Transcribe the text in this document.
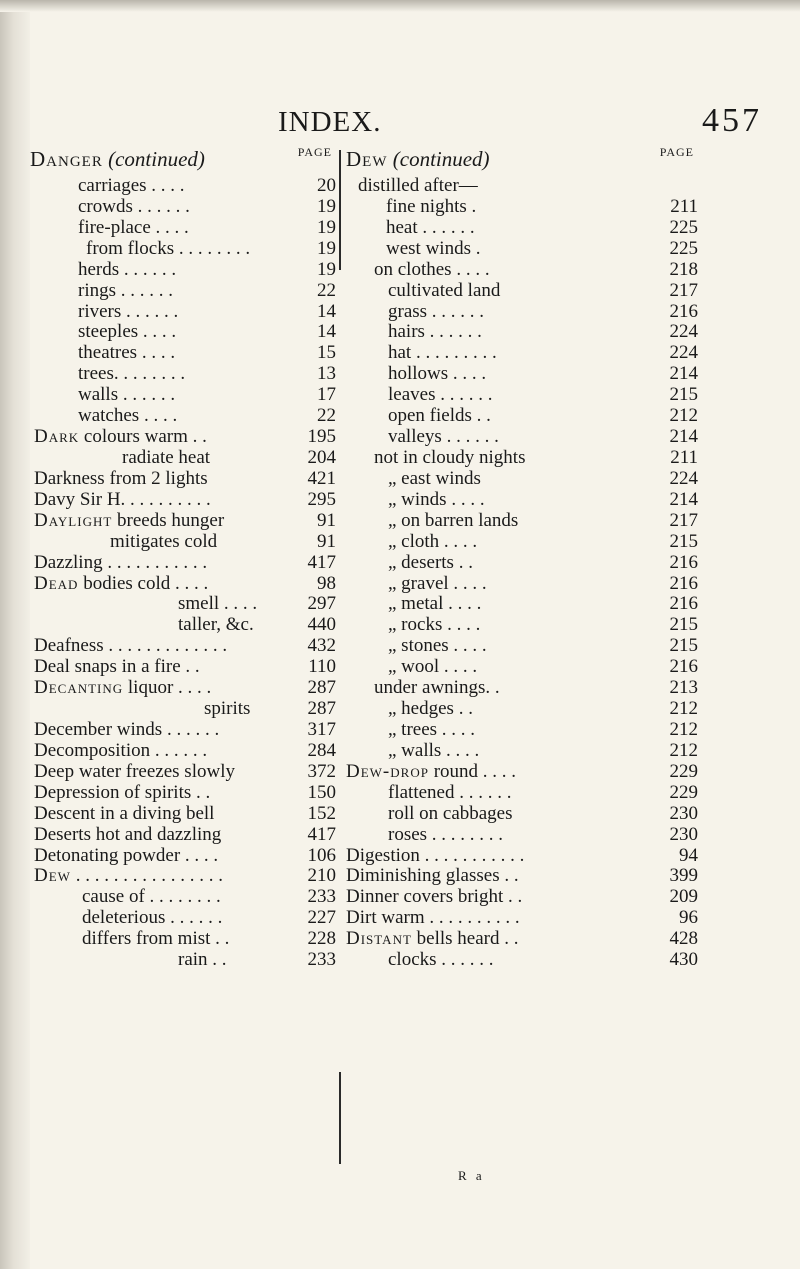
INDEX.	457
Danger (continued)	PAGE
carriages . . . .	20
crowds . . . . . .	19
fire-place . . . .	19
from flocks . . . . . . . .	19
herds . . . . . .	19
rings . . . . . .	22
rivers . . . . . .	14
steeples . . . .	14
theatres . . . .	15
trees. . . . . . . .	13
walls . . . . . .	17
watches . . . .	22
Dark colours warm . .	195
radiate heat	204
Darkness from 2 lights	421
Davy Sir H. . . . . . . . . .	295
Daylight breeds hunger	91
mitigates cold	91
Dazzling . . . . . . . . . . .	417
Dead bodies cold . . . .	98
smell . . . .	297
taller, &c.	440
Deafness . . . . . . . . . . . . .	432
Deal snaps in a fire . .	110
Decanting liquor . . . .	287
spirits	287
December winds . . . . . .	317
Decomposition . . . . . .	284
Deep water freezes slowly	372
Depression of spirits . .	150
Descent in a diving bell	152
Deserts hot and dazzling	417
Detonating powder . . . .	106
Dew . . . . . . . . . . . . . . . .	210
cause of . . . . . . . .	233
deleterious . . . . . .	227
differs from mist . .	228
rain . .	233
Dew (continued)	PAGE
distilled after—
fine nights .	211
heat . . . . . .	225
west winds .	225
on clothes . . . .	218
cultivated land	217
grass . . . . . .	216
hairs . . . . . .	224
hat . . . . . . . . .	224
hollows . . . .	214
leaves . . . . . .	215
open fields . .	212
valleys . . . . . .	214
not in cloudy nights	211
„ east winds	224
„ winds . . . .	214
„ on barren lands	217
„ cloth . . . .	215
„ deserts . .	216
„ gravel . . . .	216
„ metal . . . .	216
„ rocks . . . .	215
„ stones . . . .	215
„ wool . . . .	216
under awnings. .	213
„ hedges . .	212
„ trees . . . .	212
„ walls . . . .	212
Dew-drop round . . . .	229
flattened . . . . . .	229
roll on cabbages	230
roses . . . . . . . .	230
Digestion . . . . . . . . . . .	94
Diminishing glasses . .	399
Dinner covers bright . .	209
Dirt warm . . . . . . . . . .	96
Distant bells heard . .	428
clocks . . . . . .	430
R a
